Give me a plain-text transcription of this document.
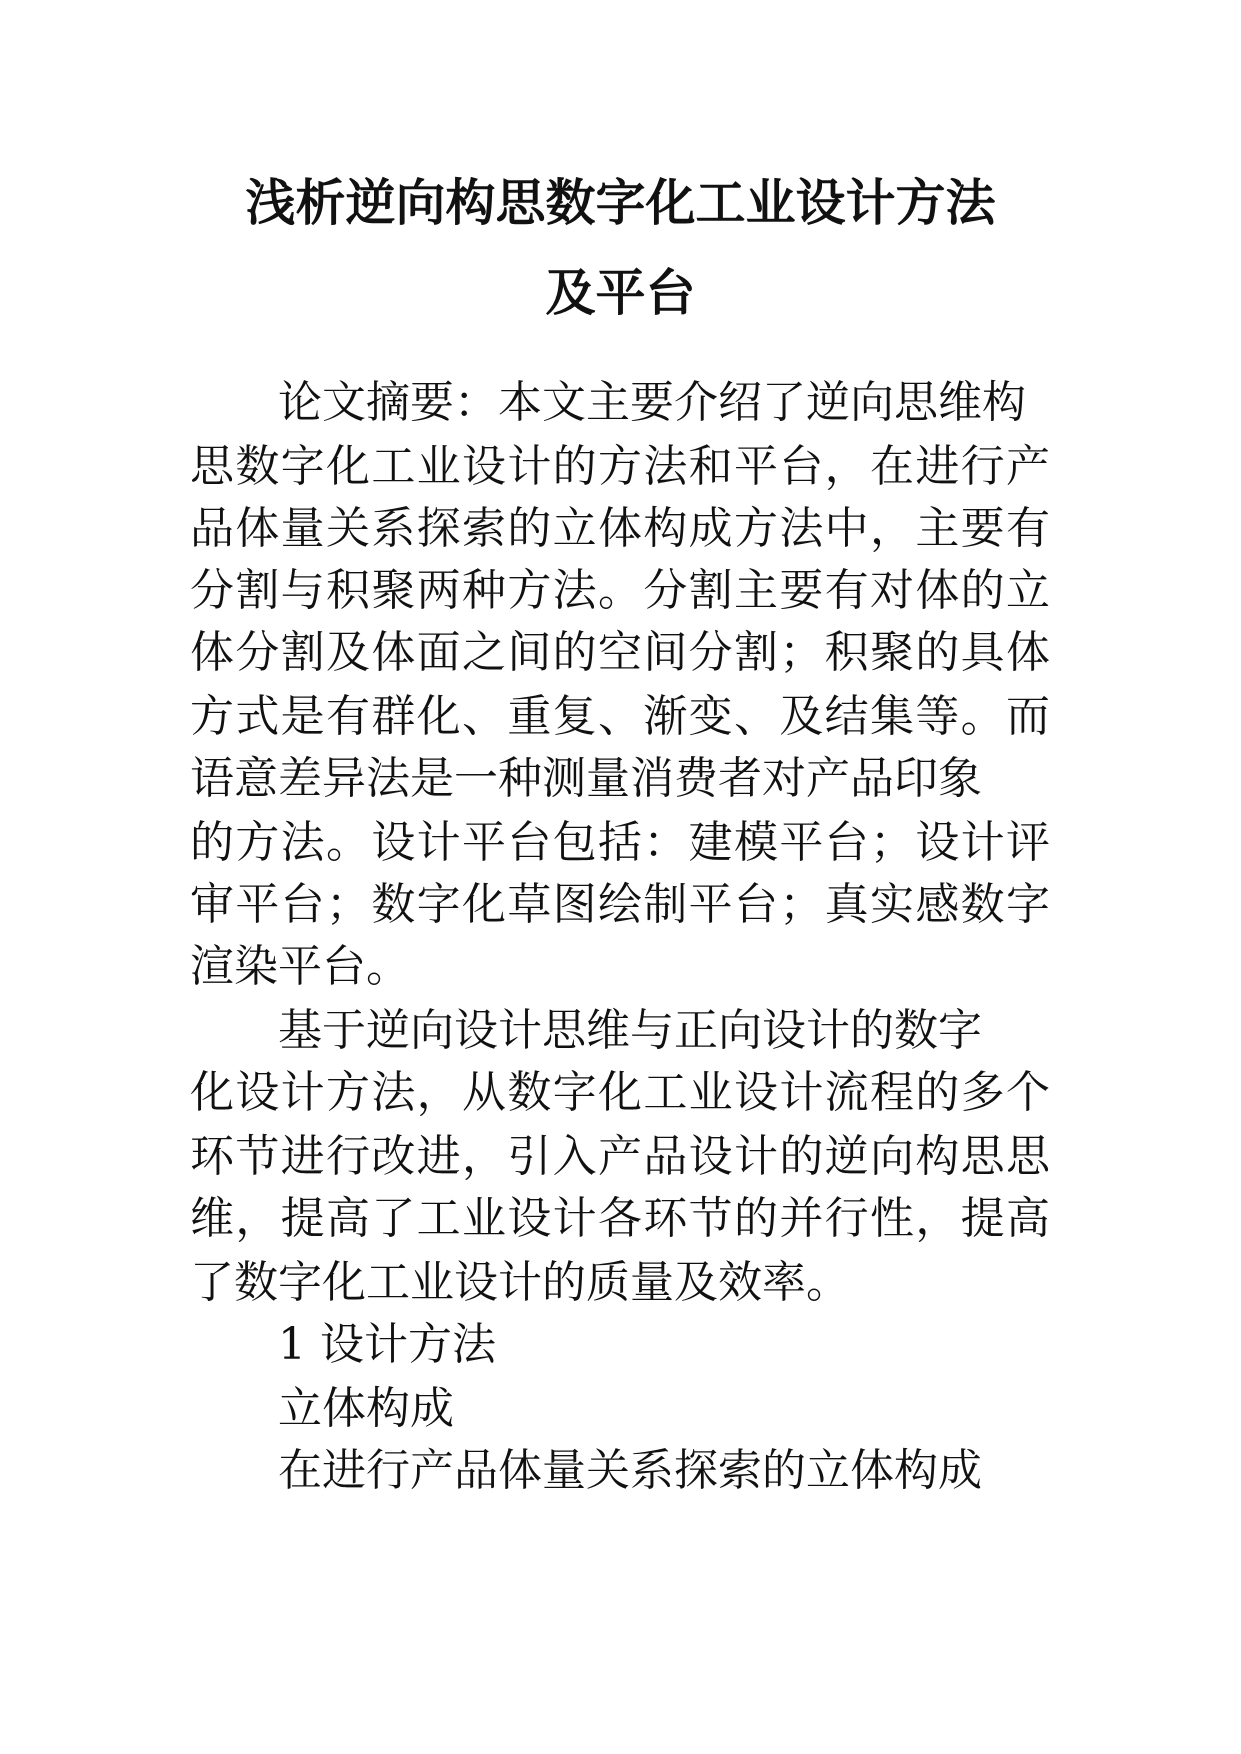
浅析逆向构思数字化工业设计方法
及平台

论文摘要：本文主要介绍了逆向思维构

思数字化工业设计的方法和平台，在进行产

品体量关系探索的立体构成方法中，主要有

分割与积聚两种方法。分割主要有对体的立

体分割及体面之间的空间分割；积聚的具体

方式是有群化、重复、渐变、及结集等。而

语意差异法是一种测量消费者对产品印象

的方法。设计平台包括：建模平台；设计评

审平台；数字化草图绘制平台；真实感数字

渲染平台。

基于逆向设计思维与正向设计的数字

化设计方法，从数字化工业设计流程的多个

环节进行改进，引入产品设计的逆向构思思

维，提高了工业设计各环节的并行性，提高

了数字化工业设计的质量及效率。

1 设计方法

立体构成

在进行产品体量关系探索的立体构成
